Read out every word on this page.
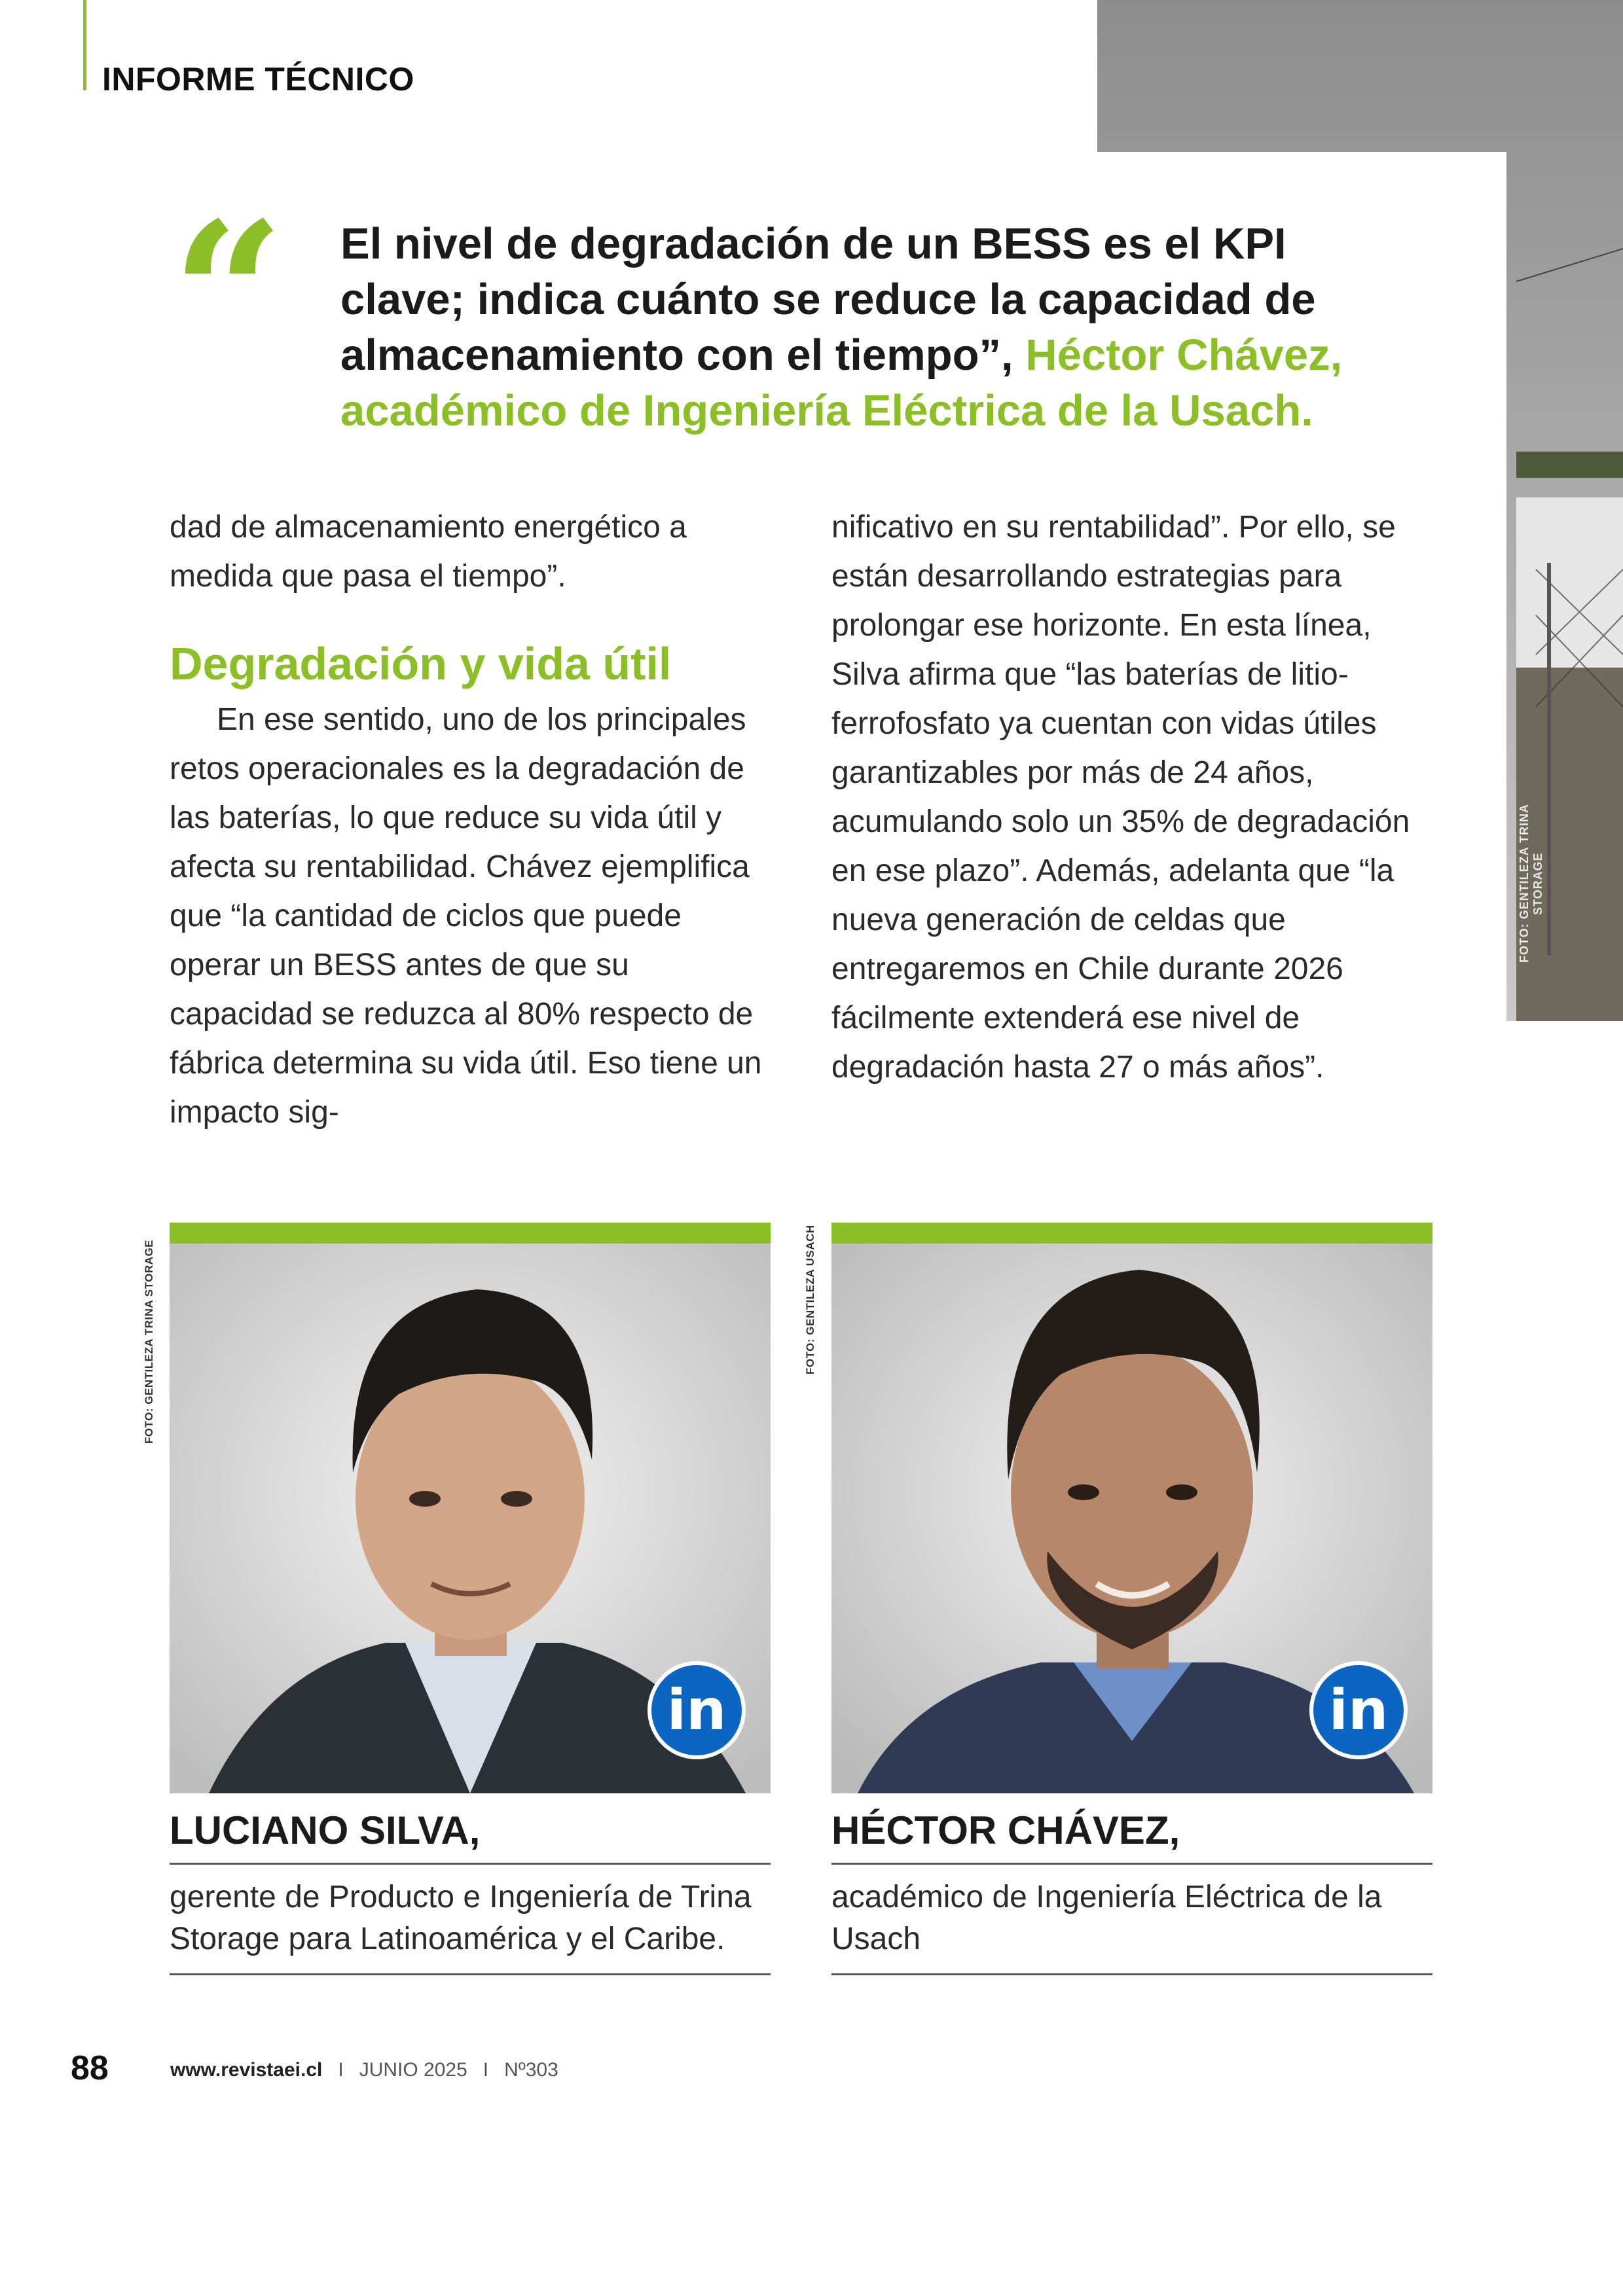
INFORME TÉCNICO
FOTO: GENTILEZA TRINA STORAGE
“ El nivel de degradación de un BESS es el KPI clave; indica cuánto se reduce la capacidad de almacenamiento con el tiempo”, Héctor Chávez, académico de Ingeniería Eléctrica de la Usach.

dad de almacenamiento energético a medida que pasa el tiempo”.

Degradación y vida útil

En ese sentido, uno de los principales retos operacionales es la degradación de las baterías, lo que reduce su vida útil y afecta su rentabilidad. Chávez ejemplifica que “la cantidad de ciclos que puede operar un BESS antes de que su capacidad se reduzca al 80% respecto de fábrica determina su vida útil. Eso tiene un impacto sig-

nificativo en su rentabilidad”. Por ello, se están desarrollando estrategias para prolongar ese horizonte. En esta línea, Silva afirma que “las baterías de litio-ferrofosfato ya cuentan con vidas útiles garantizables por más de 24 años, acumulando solo un 35% de degradación en ese plazo”. Además, adelanta que “la nueva generación de celdas que entregaremos en Chile durante 2026 fácilmente extenderá ese nivel de degradación hasta 27 o más años”.

FOTO: GENTILEZA TRINA STORAGE
in
LUCIANO SILVA,
gerente de Producto e Ingeniería de Trina Storage para Latinoamérica y el Caribe.
FOTO: GENTILEZA USACH
in
HÉCTOR CHÁVEZ,
académico de Ingeniería Eléctrica de la Usach
88	www.revistaei.cl I JUNIO 2025 I Nº303
